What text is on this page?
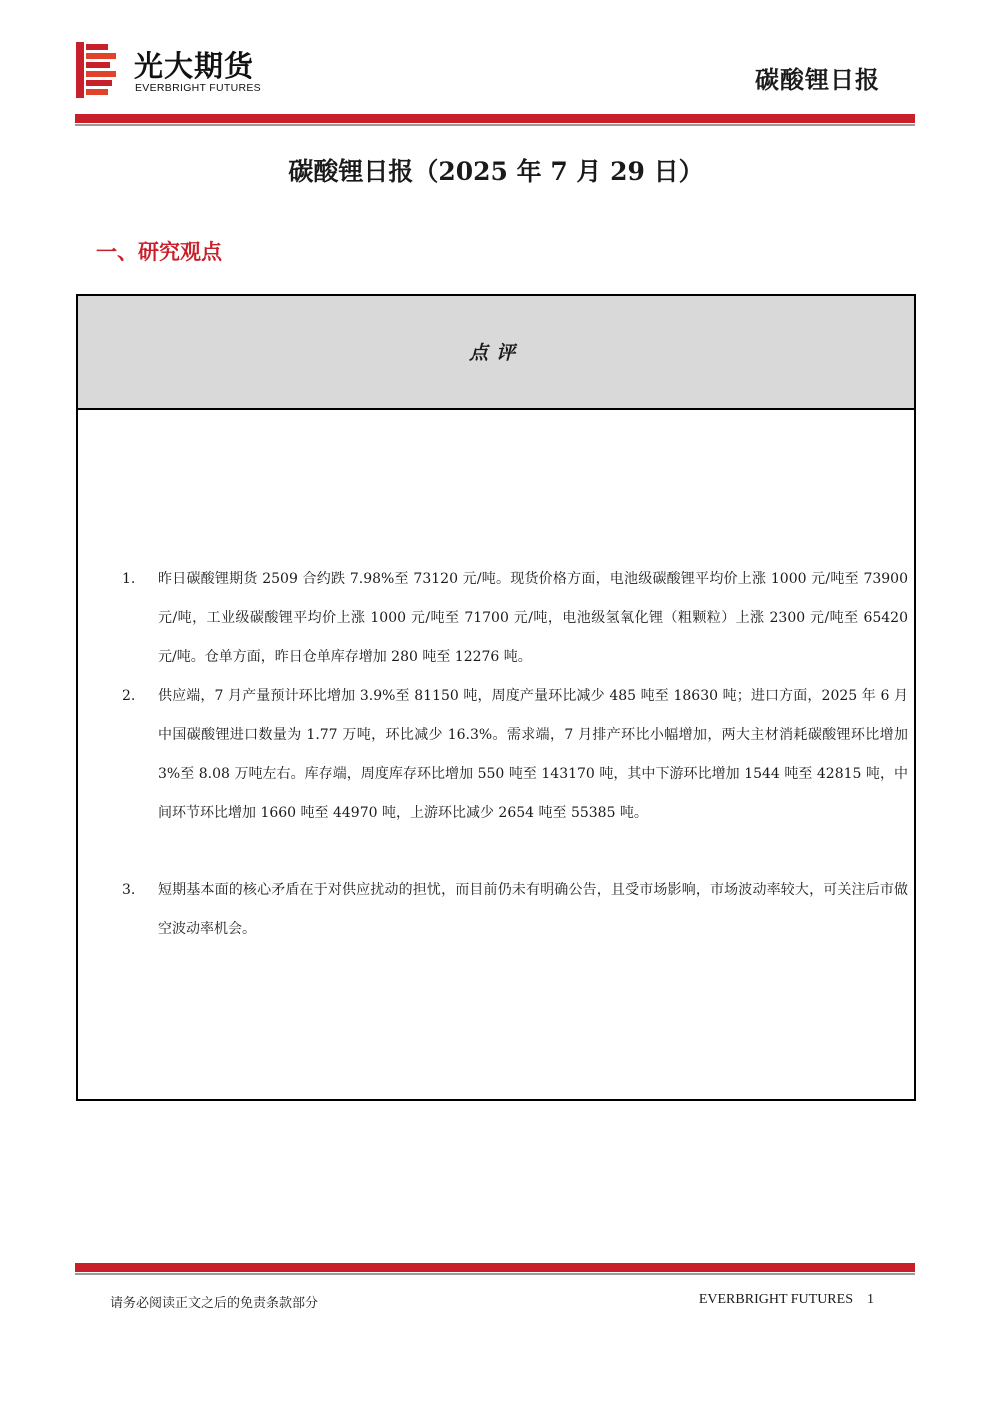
光大期货
EVERBRIGHT FUTURES	碳酸锂日报
碳酸锂日报（2025 年 7 月 29 日）
一、研究观点
点评
1. 昨日碳酸锂期货 2509 合约跌 7.98%至 73120 元/吨。现货价格方面，电池级碳酸锂平均价上涨 1000 元/吨至 73900 元/吨，工业级碳酸锂平均价上涨 1000 元/吨至 71700 元/吨，电池级氢氧化锂（粗颗粒）上涨 2300 元/吨至 65420 元/吨。仓单方面，昨日仓单库存增加 280 吨至 12276 吨。
2. 供应端，7 月产量预计环比增加 3.9%至 81150 吨，周度产量环比减少 485 吨至 18630 吨；进口方面，2025 年 6 月中国碳酸锂进口数量为 1.77 万吨，环比减少 16.3%。需求端，7 月排产环比小幅增加，两大主材消耗碳酸锂环比增加 3%至 8.08 万吨左右。库存端，周度库存环比增加 550 吨至 143170 吨，其中下游环比增加 1544 吨至 42815 吨，中间环节环比增加 1660 吨至 44970 吨，上游环比减少 2654 吨至 55385 吨。
3. 短期基本面的核心矛盾在于对供应扰动的担忧，而目前仍未有明确公告，且受市场影响，市场波动率较大，可关注后市做空波动率机会。
请务必阅读正文之后的免责条款部分	EVERBRIGHT FUTURES 1
